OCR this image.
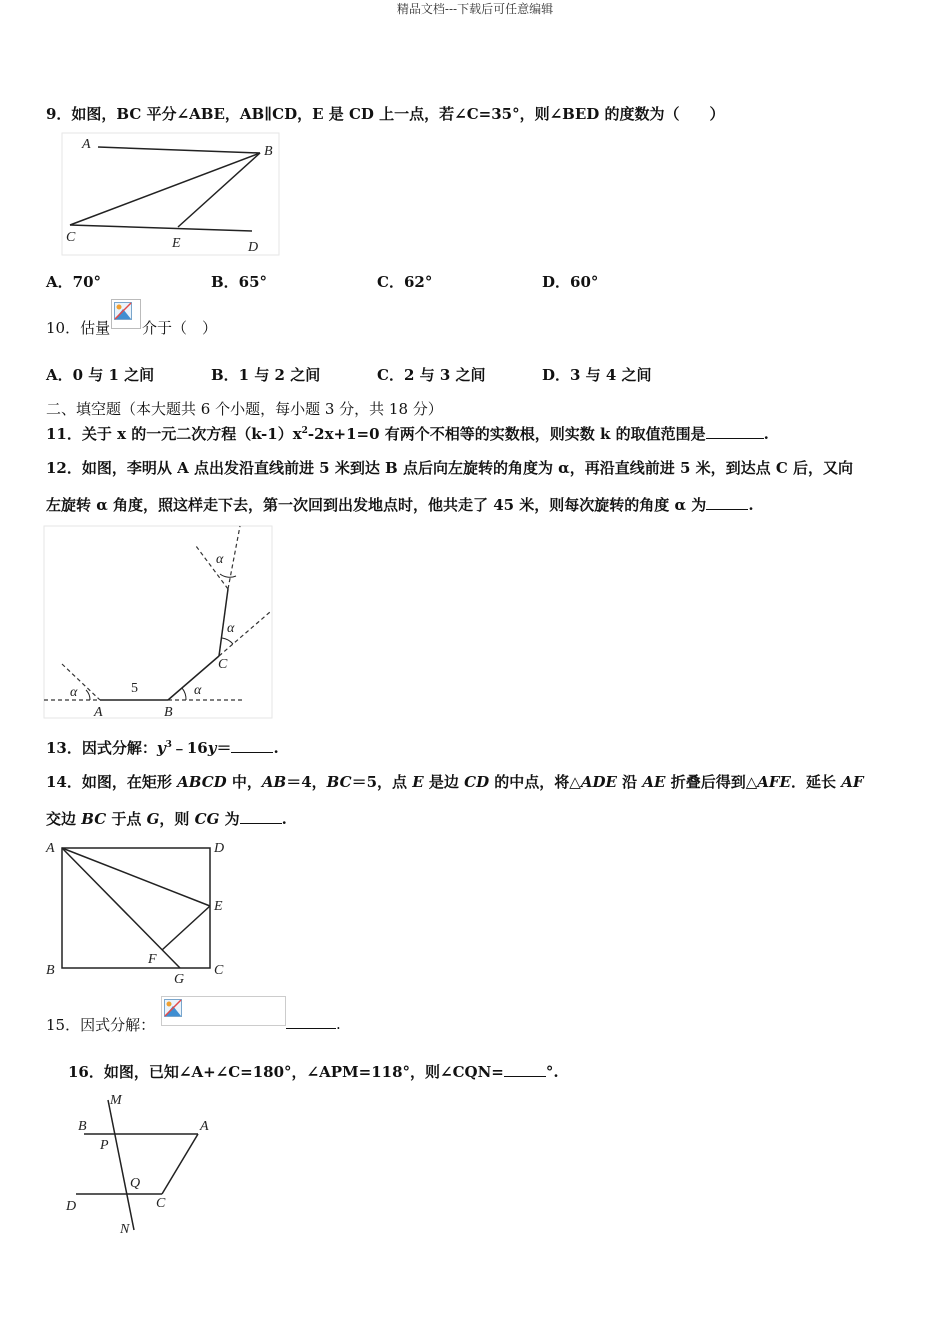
精品文档---下载后可任意编辑
9．如图，BC 平分∠ABE，AB∥CD，E 是 CD 上一点，若∠C=35°，则∠BED 的度数为（　　）
A	B
C	E	D
A．70°	B．65°	C．62°	D．60°
10．估量 介于（　）
A．0 与 1 之间	B．1 与 2 之间	C．2 与 3 之间	D．3 与 4 之间
二、填空题（本大题共 6 个小题，每小题 3 分，共 18 分）
11．关于 x 的一元二次方程$(k-1)x^2-2x+1=0$ 有两个不相等的实数根，则实数 k 的取值范围是	.
12．如图，李明从 A 点出发沿直线前进 5 米到达 B 点后向左旋转的角度为 α，再沿直线前进 5 米，到达点 C 后，又向
左旋转 α 角度，照这样走下去，第一次回到出发地点时，他共走了 45 米，则每次旋转的角度 α 为	.
α
A
5
B
α
C
α
α
13．因式分解：$y^3﹣16y=$	.
14．如图，在矩形 ABCD 中，AB＝4，BC＝5，点 E 是边 CD 的中点，将△ADE 沿 AE 折叠后得到△AFE．延长 AF
交边 BC 于点 G，则 CG 为	.
A	D
E
B
F
G
C
15．因式分解：	.
16．如图，已知∠A+∠C=180°，∠APM=118°，则∠CQN=	°.
M
B	A
P
Q
D	C
N
